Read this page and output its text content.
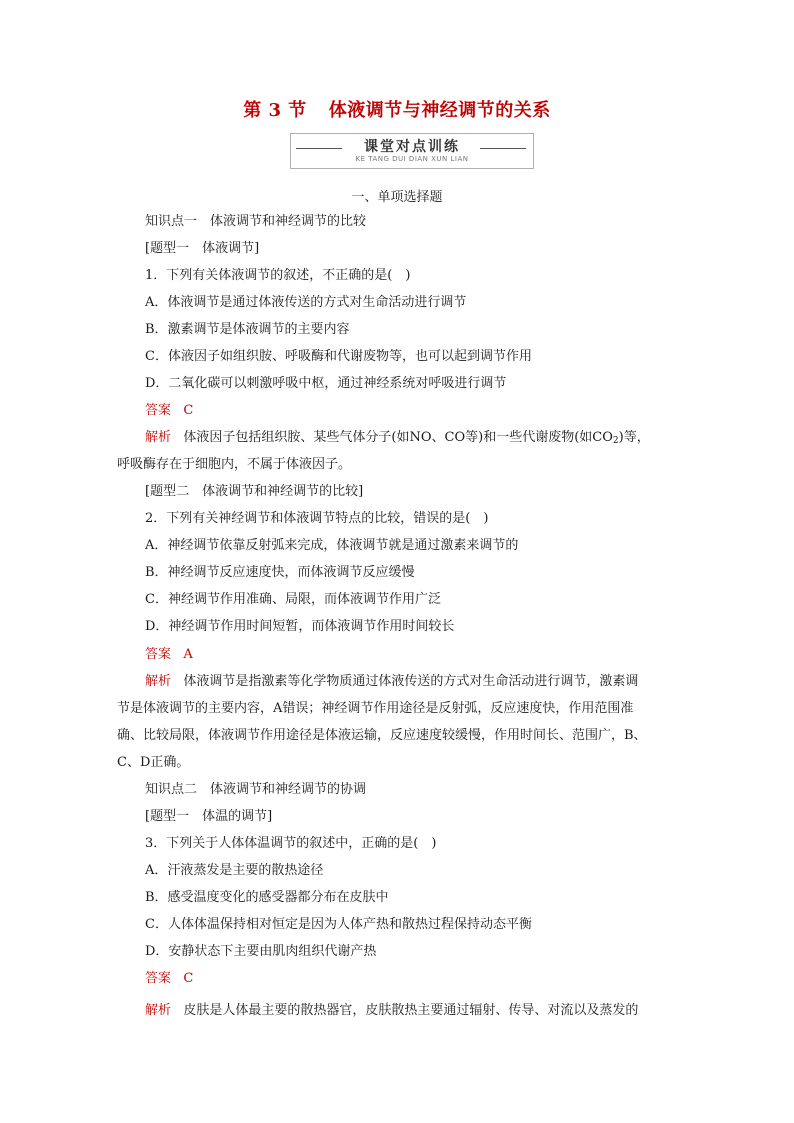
第 3 节 体液调节与神经调节的关系
课堂对点训练
KE TANG DUI DIAN XUN LIAN
一、单项选择题
知识点一　体液调节和神经调节的比较
[题型一　体液调节]
1．下列有关体液调节的叙述，不正确的是(　)
A．体液调节是通过体液传送的方式对生命活动进行调节
B．激素调节是体液调节的主要内容
C．体液因子如组织胺、呼吸酶和代谢废物等，也可以起到调节作用
D．二氧化碳可以刺激呼吸中枢，通过神经系统对呼吸进行调节
答案 C
解析 体液因子包括组织胺、某些气体分子(如NO、CO等)和一些代谢废物(如$CO_2$)等，
呼吸酶存在于细胞内，不属于体液因子。
[题型二　体液调节和神经调节的比较]
2．下列有关神经调节和体液调节特点的比较，错误的是(　)
A．神经调节依靠反射弧来完成，体液调节就是通过激素来调节的
B．神经调节反应速度快，而体液调节反应缓慢
C．神经调节作用准确、局限，而体液调节作用广泛
D．神经调节作用时间短暂，而体液调节作用时间较长
答案 A
解析 体液调节是指激素等化学物质通过体液传送的方式对生命活动进行调节，激素调
节是体液调节的主要内容，A错误；神经调节作用途径是反射弧，反应速度快，作用范围准
确、比较局限，体液调节作用途径是体液运输，反应速度较缓慢，作用时间长、范围广，B、
C、D正确。
知识点二　体液调节和神经调节的协调
[题型一　体温的调节]
3．下列关于人体体温调节的叙述中，正确的是(　)
A．汗液蒸发是主要的散热途径
B．感受温度变化的感受器都分布在皮肤中
C．人体体温保持相对恒定是因为人体产热和散热过程保持动态平衡
D．安静状态下主要由肌肉组织代谢产热
答案 C
解析 皮肤是人体最主要的散热器官，皮肤散热主要通过辐射、传导、对流以及蒸发的
